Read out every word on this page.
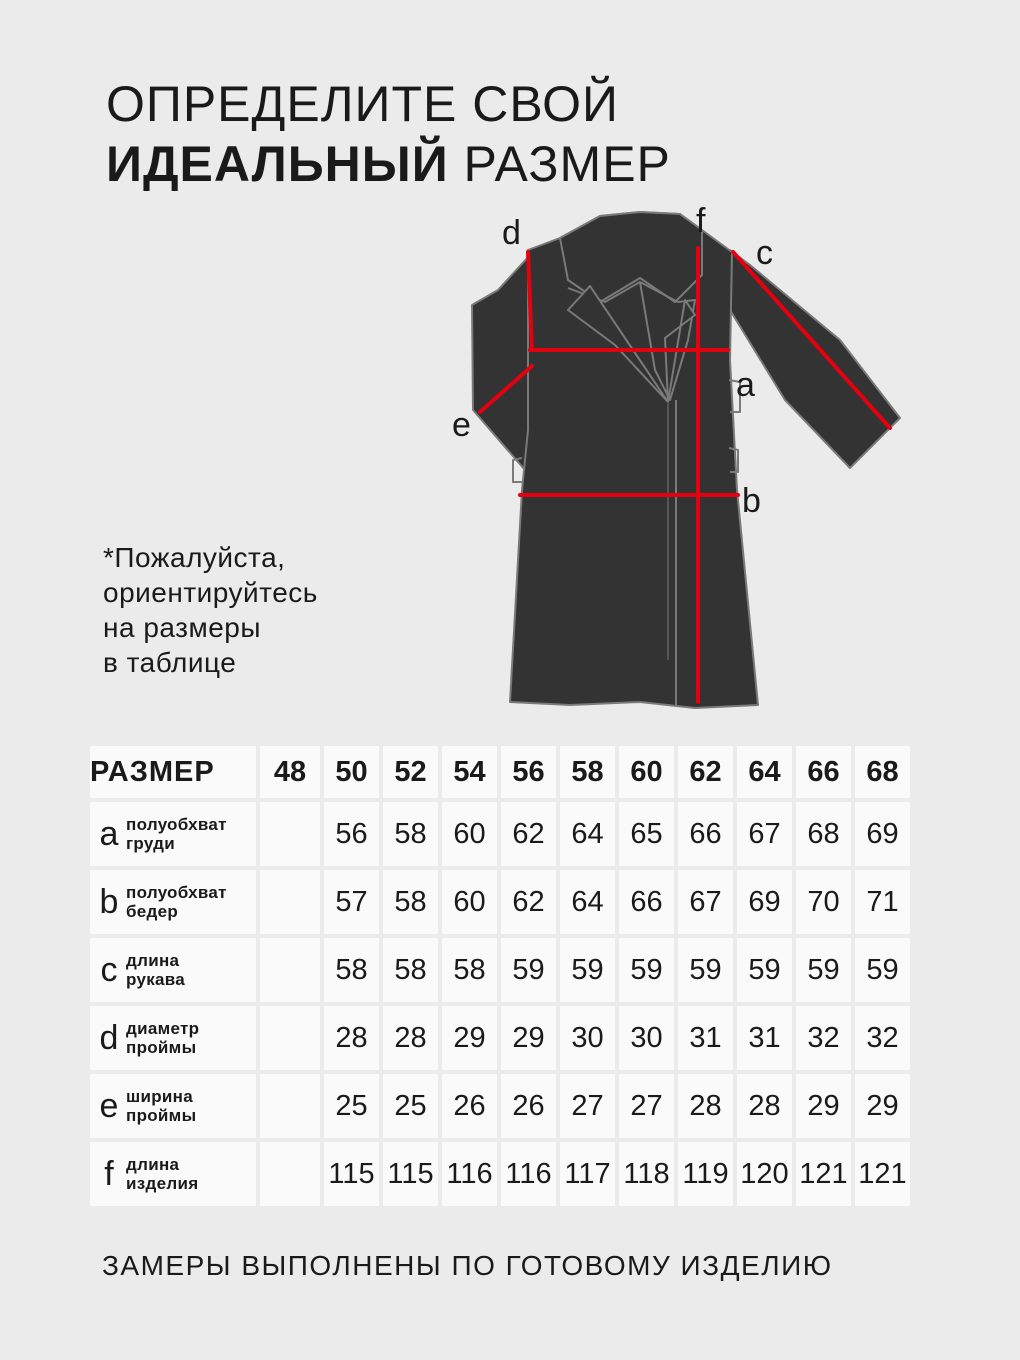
ОПРЕДЕЛИТЕ СВОЙ
ИДЕАЛЬНЫЙ РАЗМЕР
*Пожалуйста,
ориентируйтесь
на размеры
в таблице
d	f
c
a
e
b
РАЗМЕР	48	50	52	54	56	58	60	62	64	66	68

a полуобхват
груди		56	58	60	62	64	65	66	67	68	69

b полуобхват
бедер		57	58	60	62	64	66	67	69	70	71

c длина
рукава		58	58	58	59	59	59	59	59	59	59

d диаметр
проймы		28	28	29	29	30	30	31	31	32	32

e ширина
проймы		25	25	26	26	27	27	28	28	29	29

f длина
изделия		115	115	116	116	117	118	119	120	121	121
ЗАМЕРЫ ВЫПОЛНЕНЫ ПО ГОТОВОМУ ИЗДЕЛИЮ
